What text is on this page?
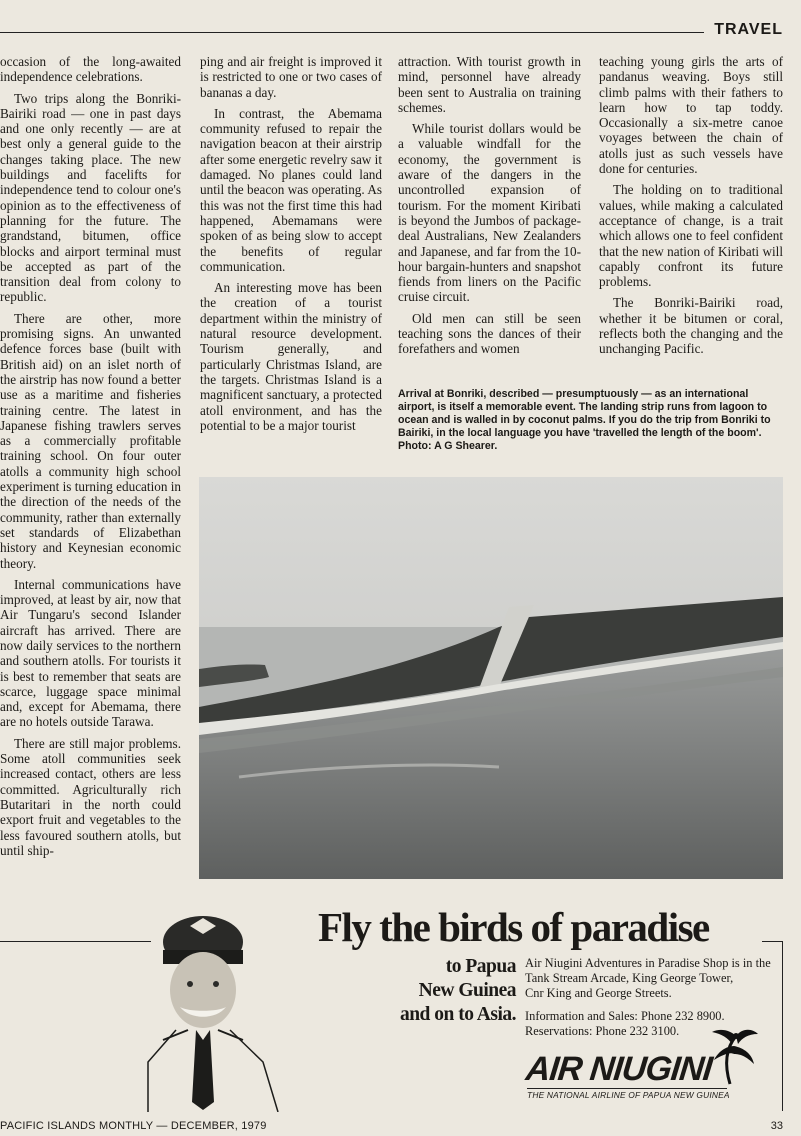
TRAVEL

occasion of the long-awaited independence celebrations.

Two trips along the Bonriki-Bairiki road — one in past days and one only recently — are at best only a general guide to the changes taking place. The new buildings and facelifts for independence tend to colour one's opinion as to the effectiveness of planning for the future. The grandstand, bitumen, office blocks and airport terminal must be accepted as part of the transition deal from colony to republic.

There are other, more promising signs. An unwanted defence forces base (built with British aid) on an islet north of the airstrip has now found a better use as a maritime and fisheries training centre. The latest in Japanese fishing trawlers serves as a commercially profitable training school. On four outer atolls a community high school experiment is turning education in the direction of the needs of the community, rather than externally set standards of Elizabethan history and Keynesian economic theory.

Internal communications have improved, at least by air, now that Air Tungaru's second Islander aircraft has arrived. There are now daily services to the northern and southern atolls. For tourists it is best to remember that seats are scarce, luggage space minimal and, except for Abemama, there are no hotels outside Tarawa.

There are still major problems. Some atoll communities seek increased contact, others are less committed. Agriculturally rich Butaritari in the north could export fruit and vegetables to the less favoured southern atolls, but until ship-

ping and air freight is improved it is restricted to one or two cases of bananas a day.

In contrast, the Abemama community refused to repair the navigation beacon at their airstrip after some energetic revelry saw it damaged. No planes could land until the beacon was operating. As this was not the first time this had happened, Abemamans were spoken of as being slow to accept the benefits of regular communication.

An interesting move has been the creation of a tourist department within the ministry of natural resource development. Tourism generally, and particularly Christmas Island, are the targets. Christmas Island is a magnificent sanctuary, a protected atoll environment, and has the potential to be a major tourist

attraction. With tourist growth in mind, personnel have already been sent to Australia on training schemes.

While tourist dollars would be a valuable windfall for the economy, the government is aware of the dangers in the uncontrolled expansion of tourism. For the moment Kiribati is beyond the Jumbos of package-deal Australians, New Zealanders and Japanese, and far from the 10-hour bargain-hunters and snapshot fiends from liners on the Pacific cruise circuit.

Old men can still be seen teaching sons the dances of their forefathers and women

teaching young girls the arts of pandanus weaving. Boys still climb palms with their fathers to learn how to tap toddy. Occasionally a six-metre canoe voyages between the chain of atolls just as such vessels have done for centuries.

The holding on to traditional values, while making a calculated acceptance of change, is a trait which allows one to feel confident that the new nation of Kiribati will capably confront its future problems.

The Bonriki-Bairiki road, whether it be bitumen or coral, reflects both the changing and the unchanging Pacific.

Arrival at Bonriki, described — presumptuously — as an international airport, is itself a memorable event. The landing strip runs from lagoon to ocean and is walled in by coconut palms. If you do the trip from Bonriki to Bairiki, in the local language you have 'travelled the length of the boom'. Photo: A G Shearer.
Fly the birds of paradise
to Papua
New Guinea
and on to Asia.
Air Niugini Adventures in Paradise Shop is in the
Tank Stream Arcade, King George Tower,
Cnr King and George Streets.
Information and Sales: Phone 232 8900.
Reservations: Phone 232 3100.
AIR NIUGINI
THE NATIONAL AIRLINE OF PAPUA NEW GUINEA
PACIFIC ISLANDS MONTHLY — DECEMBER, 1979	33
